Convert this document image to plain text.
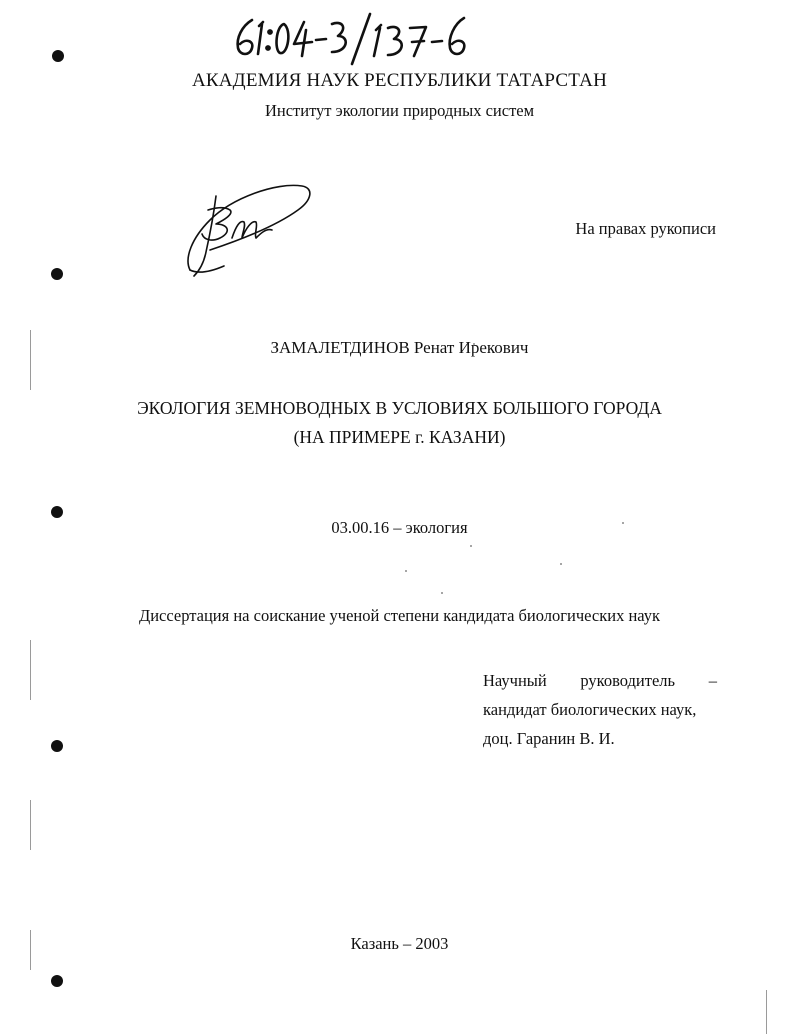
АКАДЕМИЯ НАУК РЕСПУБЛИКИ ТАТАРСТАН
Институт экологии природных систем
На правах рукописи
ЗАМАЛЕТДИНОВ Ренат Ирекович
ЭКОЛОГИЯ ЗЕМНОВОДНЫХ В УСЛОВИЯХ БОЛЬШОГО ГОРОДА
(НА ПРИМЕРЕ г. КАЗАНИ)
03.00.16 – экология
Диссертация на соискание ученой степени кандидата биологических наук
Научный руководитель –
кандидат биологических наук,
доц. Гаранин В. И.
Казань – 2003
